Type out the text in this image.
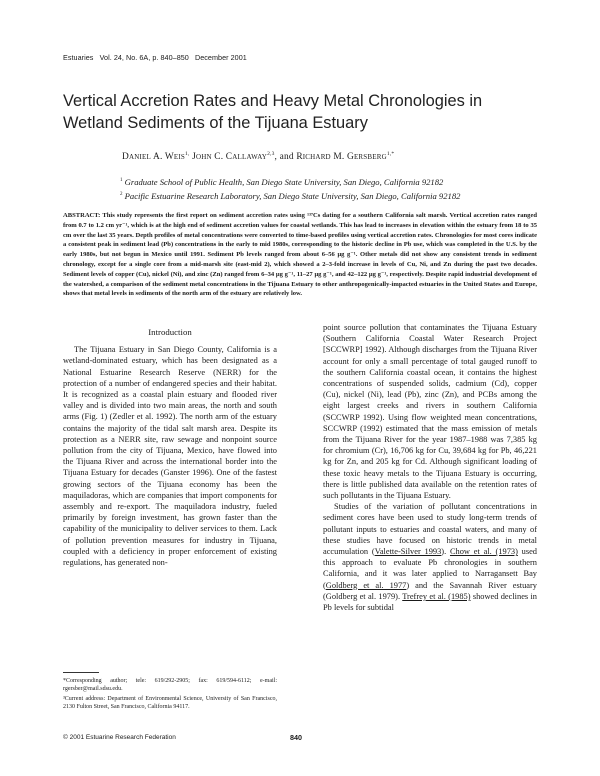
Estuaries Vol. 24, No. 6A, p. 840–850 December 2001
Vertical Accretion Rates and Heavy Metal Chronologies in
Wetland Sediments of the Tijuana Estuary
Daniel A. Weis$^{1,}$ John C. Callaway$^{2,3}$, and Richard M. Gersberg$^{1,*}$
$^1$ Graduate School of Public Health, San Diego State University, San Diego, California 92182
$^2$ Pacific Estuarine Research Laboratory, San Diego State University, San Diego, California 92182
ABSTRACT: This study represents the first report on sediment accretion rates using ¹³⁷Cs dating for a southern California salt marsh. Vertical accretion rates ranged from 0.7 to 1.2 cm yr⁻¹, which is at the high end of sediment accretion values for coastal wetlands. This has lead to increases in elevation within the estuary from 18 to 35 cm over the last 35 years. Depth profiles of metal concentrations were converted to time-based profiles using vertical accretion rates. Chronologies for most cores indicate a consistent peak in sediment lead (Pb) concentrations in the early to mid 1980s, corresponding to the historic decline in Pb use, which was completed in the U.S. by the early 1980s, but not begun in Mexico until 1991. Sediment Pb levels ranged from about 6–56 μg g⁻¹. Other metals did not show any consistent trends in sediment chronology, except for a single core from a mid-marsh site (east-mid 2), which showed a 2–3-fold increase in levels of Cu, Ni, and Zn during the past two decades. Sediment levels of copper (Cu), nickel (Ni), and zinc (Zn) ranged from 6–34 μg g⁻¹, 11–27 μg g⁻¹, and 42–122 μg g⁻¹, respectively. Despite rapid industrial development of the watershed, a comparison of the sediment metal concentrations in the Tijuana Estuary to other anthropogenically-impacted estuaries in the United States and Europe, shows that metal levels in sediments of the north arm of the estuary are relatively low.

Introduction

The Tijuana Estuary in San Diego County, California is a wetland-dominated estuary, which has been designated as a National Estuarine Research Reserve (NERR) for the protection of a number of endangered species and their habitat. It is recognized as a coastal plain estuary and flooded river valley and is divided into two main areas, the north and south arms (Fig. 1) (Zedler et al. 1992). The north arm of the estuary contains the majority of the tidal salt marsh area. Despite its protection as a NERR site, raw sewage and nonpoint source pollution from the city of Tijuana, Mexico, have flowed into the Tijuana River and across the international border into the Tijuana Estuary for decades (Ganster 1996). One of the fastest growing sectors of the Tijuana economy has been the maquiladoras, which are companies that import components for assembly and re-export. The maquiladora industry, fueled primarily by foreign investment, has grown faster than the capability of the municipality to deliver services to them. Lack of pollution prevention measures for industry in Tijuana, coupled with a deficiency in proper enforcement of existing regulations, has generated non-

point source pollution that contaminates the Tijuana Estuary (Southern California Coastal Water Research Project [SCCWRP] 1992). Although discharges from the Tijuana River account for only a small percentage of total gauged runoff to the southern California coastal ocean, it contains the highest concentrations of suspended solids, cadmium (Cd), copper (Cu), nickel (Ni), lead (Pb), zinc (Zn), and PCBs among the eight largest creeks and rivers in southern California (SCCWRP 1992). Using flow weighted mean concentrations, SCCWRP (1992) estimated that the mass emission of metals from the Tijuana River for the year 1987–1988 was 7,385 kg for chromium (Cr), 16,706 kg for Cu, 39,684 kg for Pb, 46,221 kg for Zn, and 205 kg for Cd. Although significant loading of these toxic heavy metals to the Tijuana Estuary is occurring, there is little published data available on the retention rates of such pollutants in the Tijuana Estuary.

Studies of the variation of pollutant concentrations in sediment cores have been used to study long-term trends of pollutant inputs to estuaries and coastal waters, and many of these studies have focused on historic trends in metal accumulation (Valette-Silver 1993). Chow et al. (1973) used this approach to evaluate Pb chronologies in southern California, and it was later applied to Narragansett Bay (Goldberg et al. 1977) and the Savannah River estuary (Goldberg et al. 1979). Trefrey et al. (1985) showed declines in Pb levels for subtidal

*Corresponding author; tele: 619/292-2905; fax: 619/594-6112; e-mail: rgersber@mail.sdsu.edu.
³Current address: Department of Environmental Science, University of San Francisco, 2130 Fulton Street, San Francisco, California 94117.
© 2001 Estuarine Research Federation	840
